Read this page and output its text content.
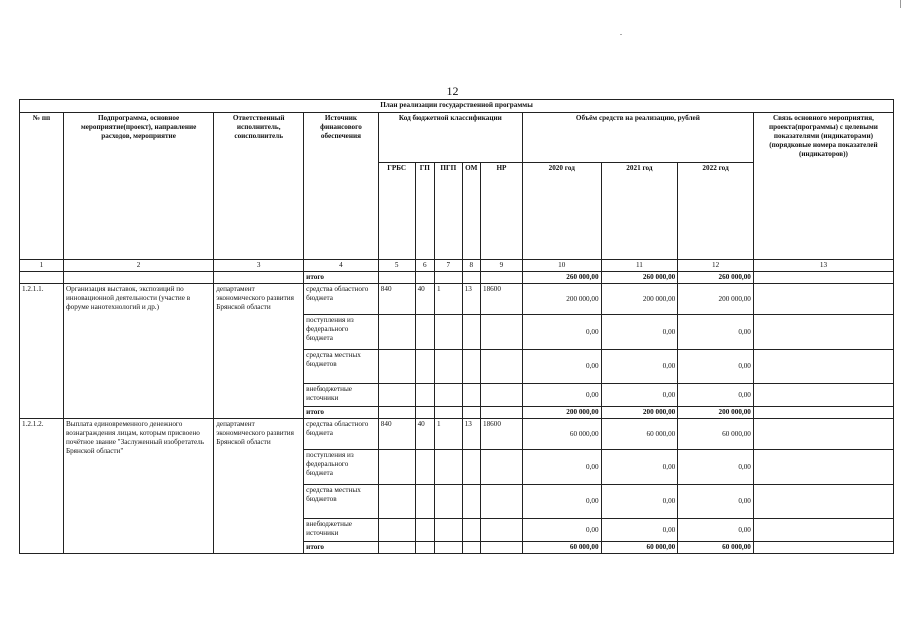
12
План реализации государственной программы												
№ пп	Подпрограмма, основное мероприятие(проект), направление расходов, мероприятие	Ответственный исполнитель, соисполнитель	Источник финансового обеспечения	Код бюджетной классификации					Объём средств на реализацию, рублей			Связь основного мероприятия, проекта(программы) с целевыми показателями (индикаторами) (порядковые номера показателей (индикаторов))
				ГРБС	ГП	ПГП	ОМ	НР	2020 год	2021 год	2022 год	
1	2	3	4	5	6	7	8	9	10	11	12	13
			итого						260 000,00	260 000,00	260 000,00	
1.2.1.1.	Организация выставок, экспозиций по инновационной деятельности (участие в форуме нанотехнологий и др.)	департамент экономического развития Брянской области	средства областного бюджета	840	40	1	13	18600	200 000,00	200 000,00	200 000,00	
			поступления из федерального бюджета						0,00	0,00	0,00	
			средства местных бюджетов						0,00	0,00	0,00	
			внебюджетные источники						0,00	0,00	0,00	
			итого						200 000,00	200 000,00	200 000,00	
1.2.1.2.	Выплата единовременного денежного вознаграждения лицам, которым присвоено почётное звание "Заслуженный изобретатель Брянской области"	департамент экономического развития Брянской области	средства областного бюджета	840	40	1	13	18600	60 000,00	60 000,00	60 000,00	
			поступления из федерального бюджета						0,00	0,00	0,00	
			средства местных бюджетов						0,00	0,00	0,00	
			внебюджетные источники						0,00	0,00	0,00	
			итого						60 000,00	60 000,00	60 000,00	
